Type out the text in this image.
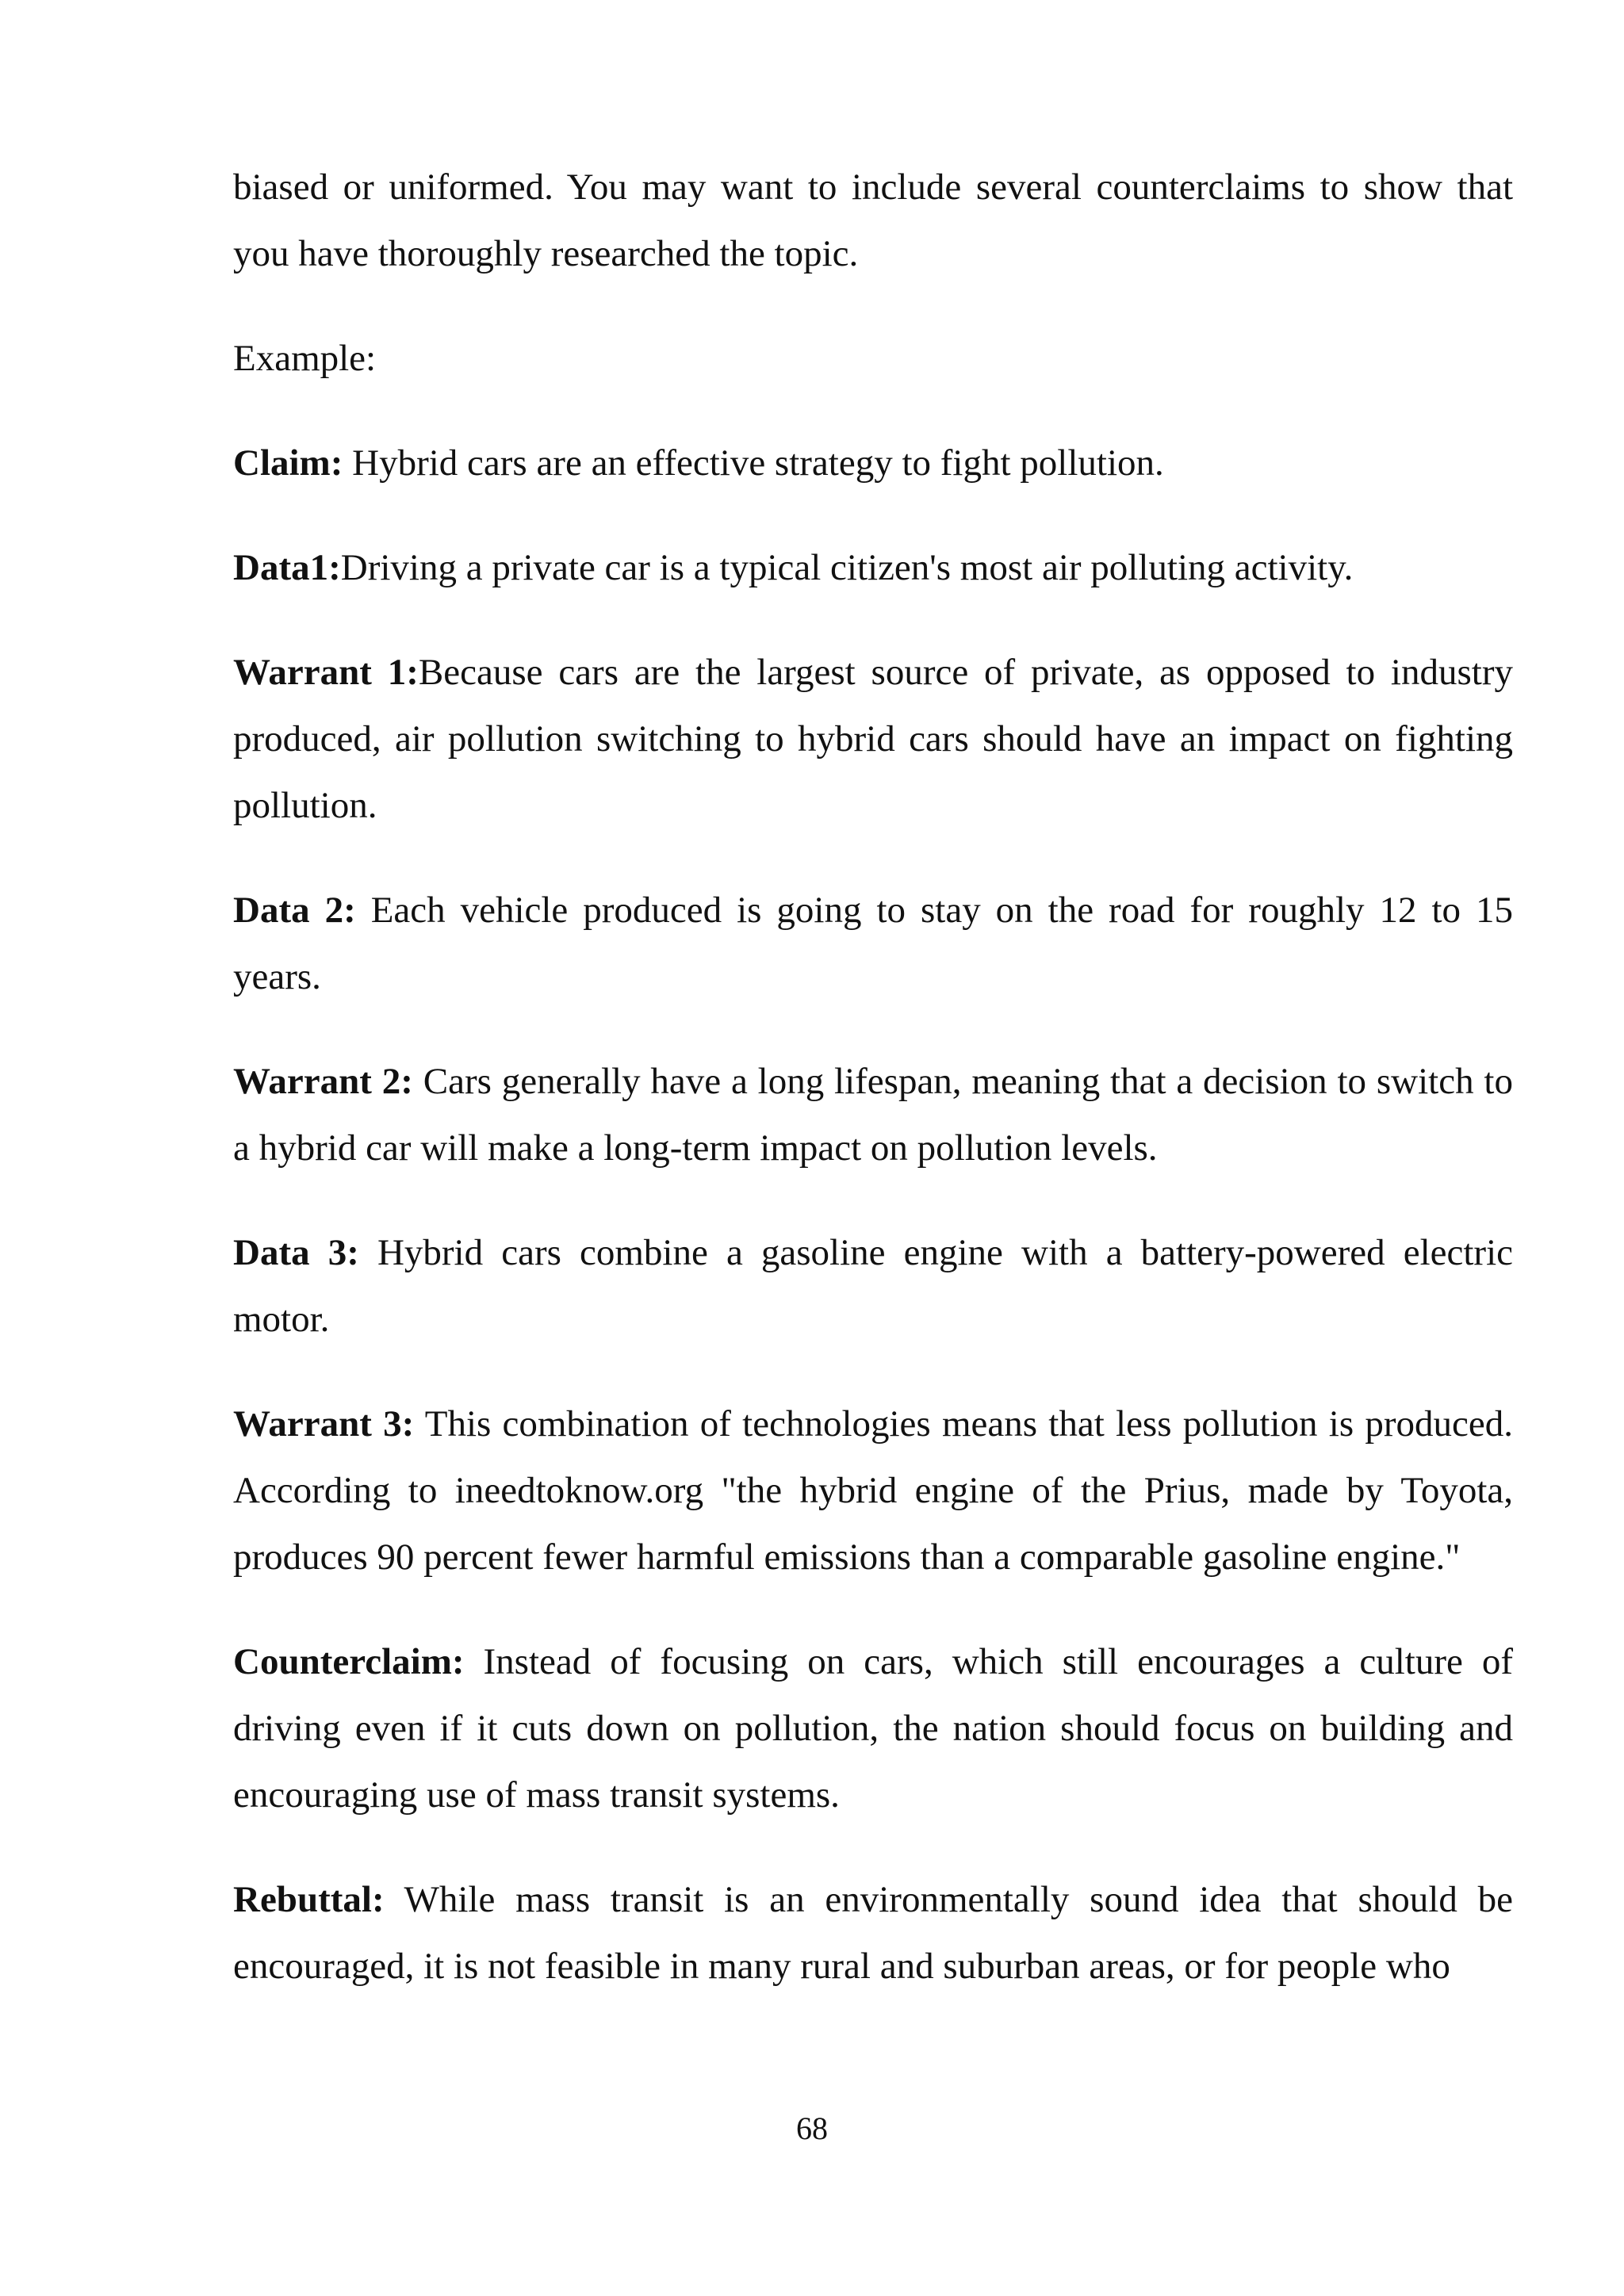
biased or uniformed. You may want to include several counterclaims to show that you have thoroughly researched the topic.

Example:

Claim: Hybrid cars are an effective strategy to fight pollution.

Data1:Driving a private car is a typical citizen's most air polluting activity.

Warrant 1:Because cars are the largest source of private, as opposed to industry produced, air pollution switching to hybrid cars should have an impact on fighting pollution.

Data 2: Each vehicle produced is going to stay on the road for roughly 12 to 15 years.

Warrant 2: Cars generally have a long lifespan, meaning that a decision to switch to a hybrid car will make a long-term impact on pollution levels.

Data 3: Hybrid cars combine a gasoline engine with a battery-powered electric motor.

Warrant 3: This combination of technologies means that less pollution is produced. According to ineedtoknow.org "the hybrid engine of the Prius, made by Toyota, produces 90 percent fewer harmful emissions than a comparable gasoline engine."

Counterclaim: Instead of focusing on cars, which still encourages a culture of driving even if it cuts down on pollution, the nation should focus on building and encouraging use of mass transit systems.

Rebuttal: While mass transit is an environmentally sound idea that should be encouraged, it is not feasible in many rural and suburban areas, or for people who

68
